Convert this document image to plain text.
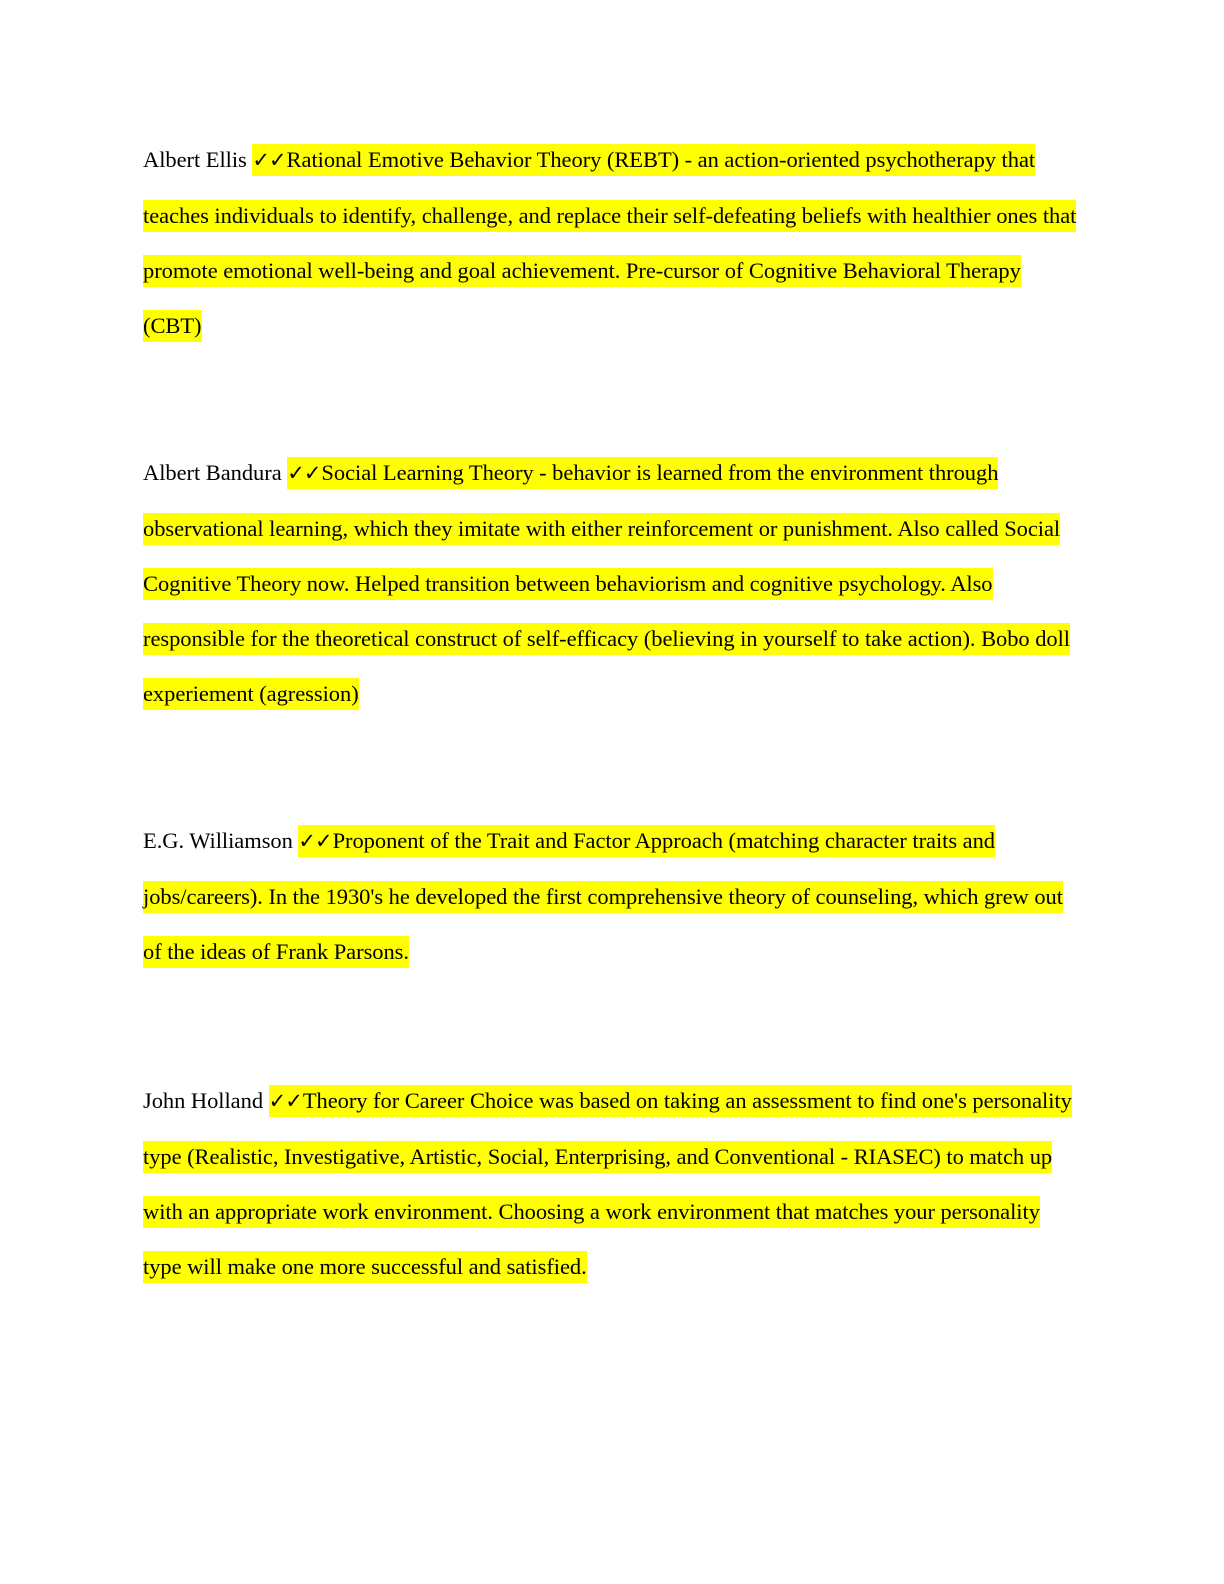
Albert Ellis ✓✓Rational Emotive Behavior Theory (REBT) - an action-oriented psychotherapy that teaches individuals to identify, challenge, and replace their self-defeating beliefs with healthier ones that promote emotional well-being and goal achievement. Pre-cursor of Cognitive Behavioral Therapy (CBT)

Albert Bandura ✓✓Social Learning Theory - behavior is learned from the environment through observational learning, which they imitate with either reinforcement or punishment. Also called Social Cognitive Theory now. Helped transition between behaviorism and cognitive psychology. Also responsible for the theoretical construct of self-efficacy (believing in yourself to take action). Bobo doll experiement (agression)

E.G. Williamson ✓✓Proponent of the Trait and Factor Approach (matching character traits and jobs/careers). In the 1930's he developed the first comprehensive theory of counseling, which grew out of the ideas of Frank Parsons.

John Holland ✓✓Theory for Career Choice was based on taking an assessment to find one's personality type (Realistic, Investigative, Artistic, Social, Enterprising, and Conventional - RIASEC) to match up with an appropriate work environment. Choosing a work environment that matches your personality type will make one more successful and satisfied.
